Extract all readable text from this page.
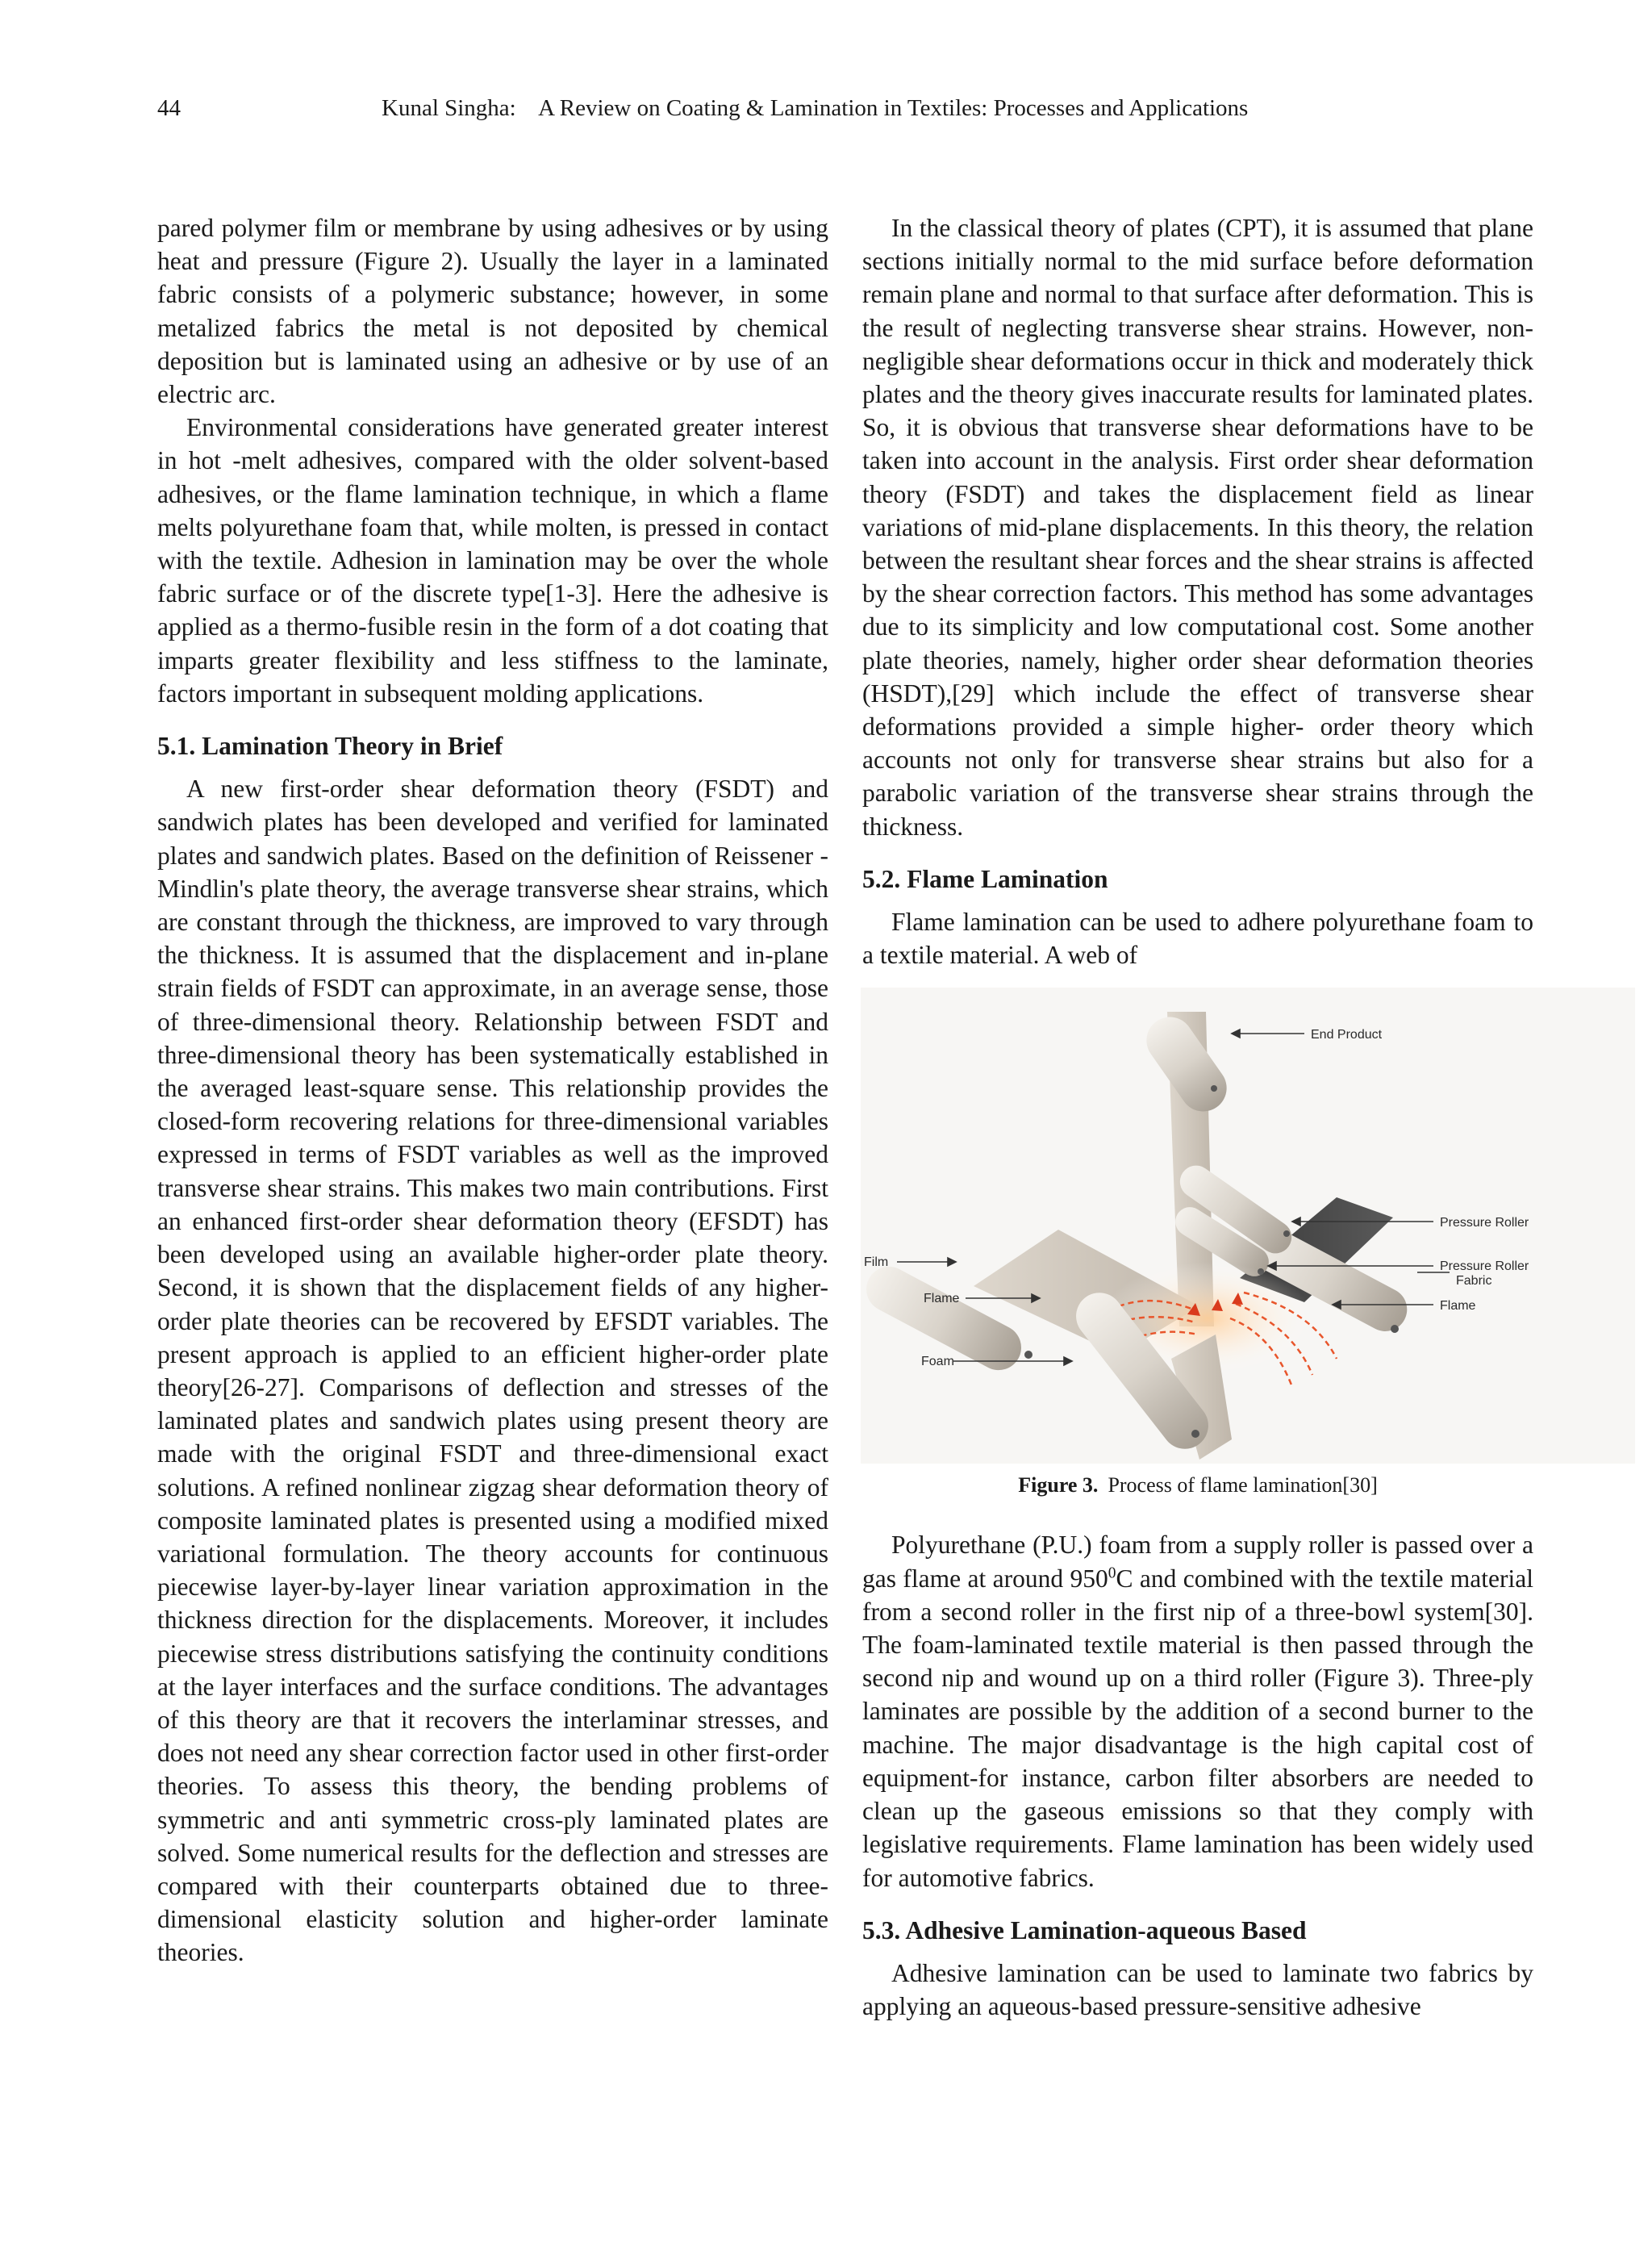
44	Kunal Singha:    A Review on Coating & Lamination in Textiles: Processes and Applications

pared polymer film or membrane by using adhesives or by using heat and pressure (Figure 2). Usually the layer in a laminated fabric consists of a polymeric substance; however, in some metalized fabrics the metal is not deposited by chemical deposition but is laminated using an adhesive or by use of an electric arc.

Environmental considerations have generated greater interest in hot -melt adhesives, compared with the older solvent-based adhesives, or the flame lamination technique, in which a flame melts polyurethane foam that, while molten, is pressed in contact with the textile. Adhesion in lamination may be over the whole fabric surface or of the discrete type[1-3]. Here the adhesive is applied as a thermo-fusible resin in the form of a dot coating that imparts greater flexibility and less stiffness to the laminate, factors important in subsequent molding applications.

5.1. Lamination Theory in Brief

A new first-order shear deformation theory (FSDT) and sandwich plates has been developed and verified for laminated plates and sandwich plates. Based on the definition of Reissener - Mindlin's plate theory, the average transverse shear strains, which are constant through the thickness, are improved to vary through the thickness. It is assumed that the displacement and in-plane strain fields of FSDT can approximate, in an average sense, those of three-dimensional theory. Relationship between FSDT and three-dimensional theory has been systematically established in the averaged least-square sense. This relationship provides the closed-form recovering relations for three-dimensional variables expressed in terms of FSDT variables as well as the improved transverse shear strains. This makes two main contributions. First an enhanced first-order shear deformation theory (EFSDT) has been developed using an available higher-order plate theory. Second, it is shown that the displacement fields of any higher-order plate theories can be recovered by EFSDT variables. The present approach is applied to an efficient higher-order plate theory[26-27]. Comparisons of deflection and stresses of the laminated plates and sandwich plates using present theory are made with the original FSDT and three-dimensional exact solutions. A refined nonlinear zigzag shear deformation theory of composite laminated plates is presented using a modified mixed variational formulation. The theory accounts for continuous piecewise layer-by-layer linear variation approximation in the thickness direction for the displacements. Moreover, it includes piecewise stress distributions satisfying the continuity conditions at the layer interfaces and the surface conditions. The advantages of this theory are that it recovers the interlaminar stresses, and does not need any shear correction factor used in other first-order theories. To assess this theory, the bending problems of symmetric and anti symmetric cross-ply laminated plates are solved. Some numerical results for the deflection and stresses are compared with their counterparts obtained due to three- dimensional elasticity solution and higher-order laminate theories.

In the classical theory of plates (CPT), it is assumed that plane sections initially normal to the mid surface before deformation remain plane and normal to that surface after deformation. This is the result of neglecting transverse shear strains. However, non-negligible shear deformations occur in thick and moderately thick plates and the theory gives inaccurate results for laminated plates. So, it is obvious that transverse shear deformations have to be taken into account in the analysis. First order shear deformation theory (FSDT) and takes the displacement field as linear variations of mid-plane displacements. In this theory, the relation between the resultant shear forces and the shear strains is affected by the shear correction factors. This method has some advantages due to its simplicity and low computational cost. Some another plate theories, namely, higher order shear deformation theories (HSDT),[29] which include the effect of transverse shear deformations provided a simple higher- order theory which accounts not only for transverse shear strains but also for a parabolic variation of the transverse shear strains through the thickness.

5.2. Flame Lamination

Flame lamination can be used to adhere polyurethane foam to a textile material. A web of

End Product
Pressure Roller
Pressure Roller
Fabric
Film
Flame
Flame
Foam
Figure 3. Process of flame lamination[30]

Polyurethane (P.U.) foam from a supply roller is passed over a gas flame at around $950^0C$ and combined with the textile material from a second roller in the first nip of a three-bowl system[30]. The foam-laminated textile material is then passed through the second nip and wound up on a third roller (Figure 3). Three-ply laminates are possible by the addition of a second burner to the machine. The major disadvantage is the high capital cost of equipment-for instance, carbon filter absorbers are needed to clean up the gaseous emissions so that they comply with legislative requirements. Flame lamination has been widely used for automotive fabrics.

5.3. Adhesive Lamination-aqueous Based

Adhesive lamination can be used to laminate two fabrics by applying an aqueous-based pressure-sensitive adhesive
